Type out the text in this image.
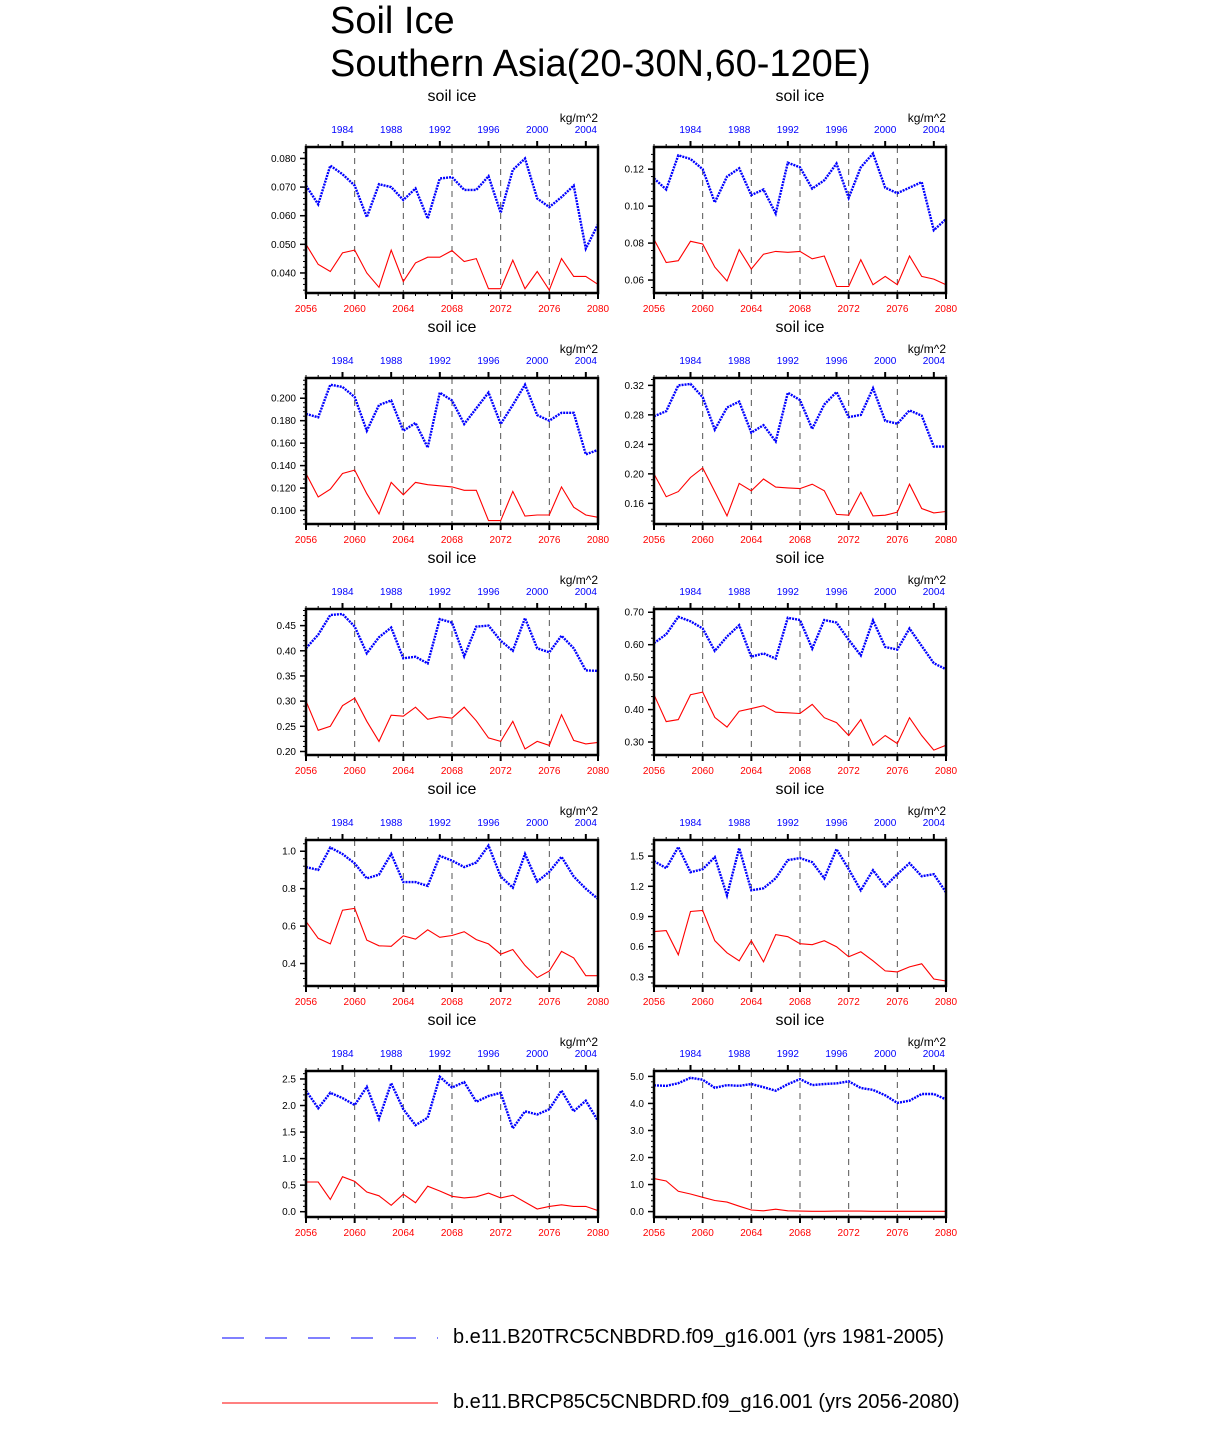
Soil Ice
Southern Asia(20-30N,60-120E)
soil ice
kg/m^2
2056	2060	2064	2068	2072	2076	2080
1984	1988	1992	1996	2000	2004
0.040
0.050
0.060
0.070
0.080
soil ice
kg/m^2
2056	2060	2064	2068	2072	2076	2080
1984	1988	1992	1996	2000	2004
0.06
0.08
0.10
0.12
soil ice
kg/m^2
2056	2060	2064	2068	2072	2076	2080
1984	1988	1992	1996	2000	2004
0.100
0.120
0.140
0.160
0.180
0.200
soil ice
kg/m^2
2056	2060	2064	2068	2072	2076	2080
1984	1988	1992	1996	2000	2004
0.16
0.20
0.24
0.28
0.32
soil ice
kg/m^2
2056	2060	2064	2068	2072	2076	2080
1984	1988	1992	1996	2000	2004
0.20
0.25
0.30
0.35
0.40
0.45
soil ice
kg/m^2
2056	2060	2064	2068	2072	2076	2080
1984	1988	1992	1996	2000	2004
0.30
0.40
0.50
0.60
0.70
soil ice
kg/m^2
2056	2060	2064	2068	2072	2076	2080
1984	1988	1992	1996	2000	2004
0.4
0.6
0.8
1.0
soil ice
kg/m^2
2056	2060	2064	2068	2072	2076	2080
1984	1988	1992	1996	2000	2004
0.3
0.6
0.9
1.2
1.5
soil ice
kg/m^2
2056	2060	2064	2068	2072	2076	2080
1984	1988	1992	1996	2000	2004
0.0
0.5
1.0
1.5
2.0
2.5
soil ice
kg/m^2
2056	2060	2064	2068	2072	2076	2080
1984	1988	1992	1996	2000	2004
0.0
1.0
2.0
3.0
4.0
5.0
b.e11.B20TRC5CNBDRD.f09_g16.001 (yrs 1981-2005)
b.e11.BRCP85C5CNBDRD.f09_g16.001 (yrs 2056-2080)
